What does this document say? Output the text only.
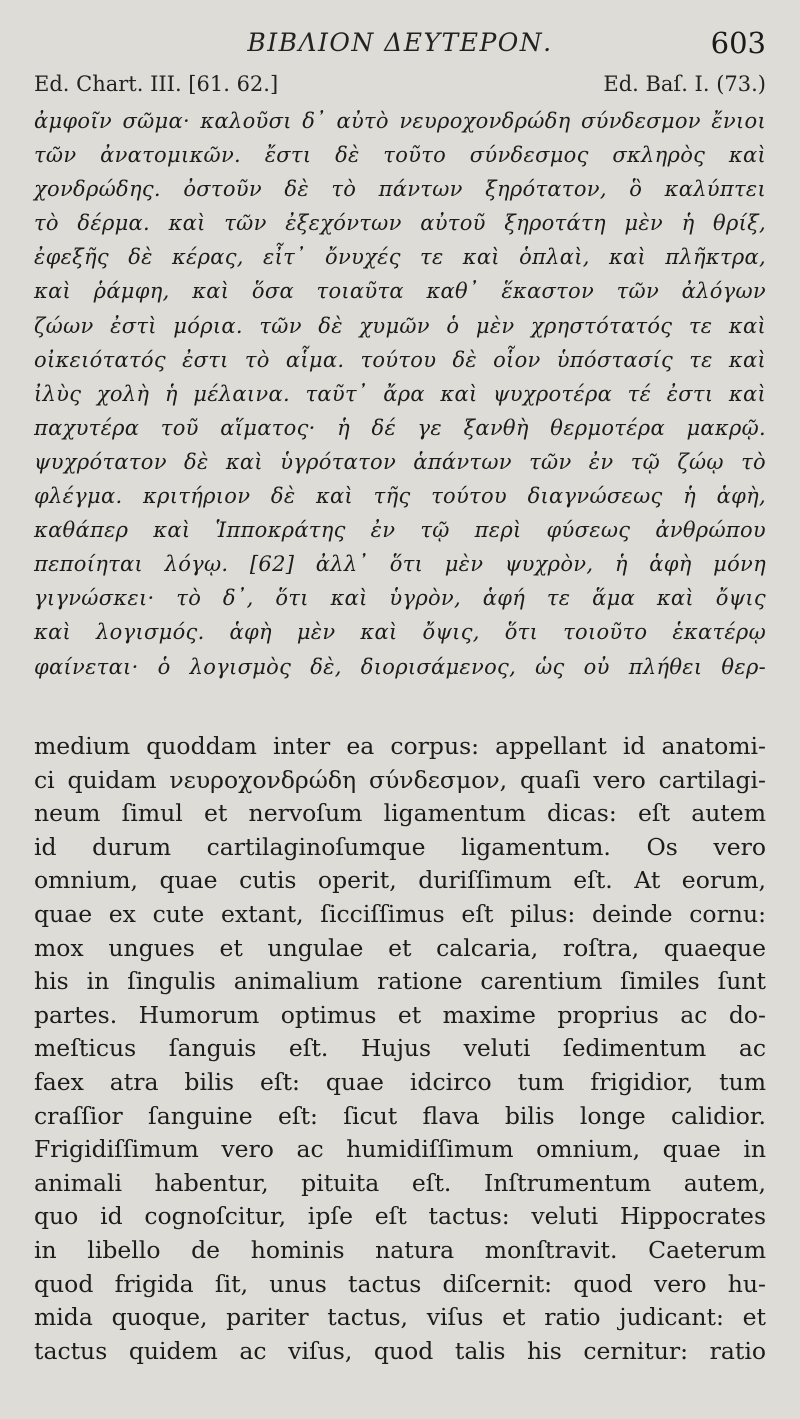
BIBΛΙΟΝ ΔΕΥΤΕΡΟΝ.	603
Ed. Chart. III. [61. 62.]	Ed. Baſ. I. (73.)
ἀμφοῖν σῶμα· καλοῦσι δ᾽ αὐτὸ νευροχονδρώδη σύνδεσμον ἔνιοι
τῶν ἀνατομικῶν. ἔστι δὲ τοῦτο σύνδεσμος σκληρὸς καὶ
χονδρώδης. ὀστοῦν δὲ τὸ πάντων ξηρότατον, ὃ καλύπτει
τὸ δέρμα. καὶ τῶν ἐξεχόντων αὐτοῦ ξηροτάτη μὲν ἡ θρίξ,
ἐφεξῆς δὲ κέρας, εἶτ᾽ ὄνυχές τε καὶ ὁπλαὶ, καὶ πλῆκτρα,
καὶ ῥάμφη, καὶ ὅσα τοιαῦτα καθ᾽ ἕκαστον τῶν ἀλόγων
ζώων ἐστὶ μόρια. τῶν δὲ χυμῶν ὁ μὲν χρηστότατός τε καὶ
οἰκειότατός ἐστι τὸ αἷμα. τούτου δὲ οἷον ὑπόστασίς τε καὶ
ἰλὺς χολὴ ἡ μέλαινα. ταῦτ᾽ ἄρα καὶ ψυχροτέρα τέ ἐστι καὶ
παχυτέρα τοῦ αἵματος· ἡ δέ γε ξανθὴ θερμοτέρα μακρῷ.
ψυχρότατον δὲ καὶ ὑγρότατον ἁπάντων τῶν ἐν τῷ ζώῳ τὸ
φλέγμα. κριτήριον δὲ καὶ τῆς τούτου διαγνώσεως ἡ ἁφὴ,
καθάπερ καὶ Ἱπποκράτης ἐν τῷ περὶ φύσεως ἀνθρώπου
πεποίηται λόγῳ. [62] ἀλλ᾽ ὅτι μὲν ψυχρὸν, ἡ ἁφὴ μόνη
γιγνώσκει· τὸ δ᾽, ὅτι καὶ ὑγρὸν, ἁφή τε ἅμα καὶ ὄψις
καὶ λογισμός. ἁφὴ μὲν καὶ ὄψις, ὅτι τοιοῦτο ἑκατέρῳ
φαίνεται· ὁ λογισμὸς δὲ, διορισάμενος, ὡς οὐ πλήθει θερ-
medium quoddam inter ea corpus: appellant id anatomi-
ci quidam νευροχονδρώδη σύνδεσμον, quaſi vero cartilagi-
neum ſimul et nervoſum ligamentum dicas: eſt autem
id durum cartilaginoſumque ligamentum. Os vero
omnium, quae cutis operit, duriſſimum eſt. At eorum,
quae ex cute extant, ſicciſſimus eſt pilus: deinde cornu:
mox ungues et ungulae et calcaria, roſtra, quaeque
his in ſingulis animalium ratione carentium ſimiles ſunt
partes. Humorum optimus et maxime proprius ac do-
meſticus ſanguis eſt. Hujus veluti ſedimentum ac
faex atra bilis eſt: quae idcirco tum frigidior, tum
craſſior ſanguine eſt: ſicut flava bilis longe calidior.
Frigidiſſimum vero ac humidiſſimum omnium, quae in
animali habentur, pituita eſt. Inſtrumentum autem,
quo id cognoſcitur, ipſe eſt tactus: veluti Hippocrates
in libello de hominis natura monſtravit. Caeterum
quod frigida ſit, unus tactus diſcernit: quod vero hu-
mida quoque, pariter tactus, viſus et ratio judicant: et
tactus quidem ac viſus, quod talis his cernitur: ratio
